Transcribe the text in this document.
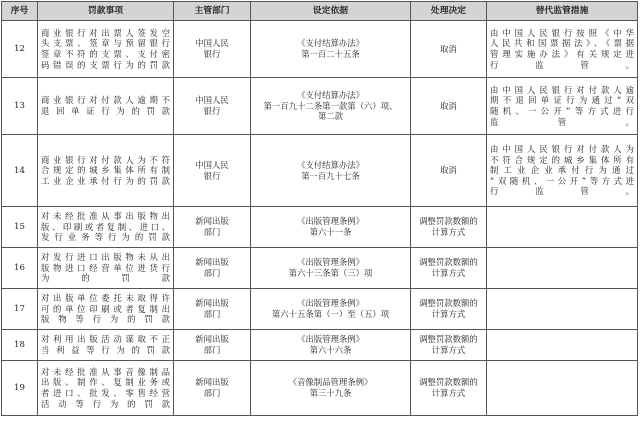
序号	罚款事项	主管部门	设定依据	处理决定	替代监管措施
12	商业银行对出票人签发空
头支票、签章与预留银行
签章不符的支票、支付密
码错误的支票行为的罚款	中国人民
银行	《支付结算办法》
第一百二十五条	取消	由中国人民银行按照《中华
人民共和国票据法》、《票据
管理实施办法》有关规定进
行监管。

13	商业银行对付款人逾期不
退回单证行为的罚款	中国人民
银行	《支付结算办法》
第一百九十二条第一款第（六）项、
第二款	取消	由中国人民银行对付款人逾
期不退回单证行为通过“双
随机、一公开”等方式进行
监管。

14	商业银行对付款人为不符
合规定的城乡集体所有制
工业企业承付行为的罚款	中国人民
银行	《支付结算办法》
第一百九十七条	取消	由中国人民银行对付款人为
不符合规定的城乡集体所有
制工业企业承付行为通过
“双随机、一公开”等方式进
行监管。

15	对未经批准从事出版物出
版、印刷或者复制、进口、
发行业务等行为的罚款	新闻出版
部门	《出版管理条例》
第六十一条	调整罚款数额的
计算方式	

16	对发行进口出版物未从出
版物进口经营单位进货行
为的罚款	新闻出版
部门	《出版管理条例》
第六十三条第（三）项	调整罚款数额的
计算方式	

17	对出版单位委托未取得许
可的单位印刷或者复制出
版物等行为的罚款	新闻出版
部门	《出版管理条例》
第六十五条第（一）至（五）项	调整罚款数额的
计算方式	

18	对利用出版活动谋取不正
当利益等行为的罚款	新闻出版
部门	《出版管理条例》
第六十六条	调整罚款数额的
计算方式	

19	对未经批准从事音像制品
出版、制作、复制业务或
者进口、批发、零售经营
活动等行为的罚款	新闻出版
部门	《音像制品管理条例》
第三十九条	调整罚款数额的
计算方式	
